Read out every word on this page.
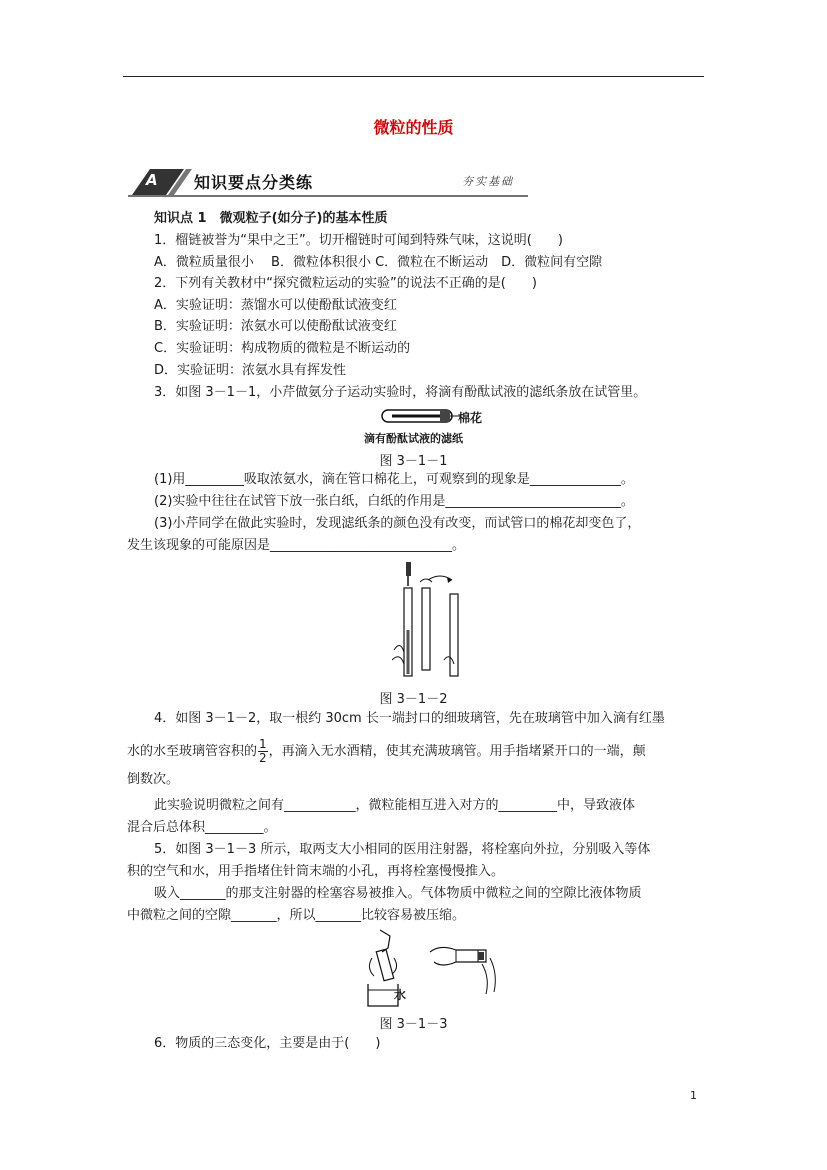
微粒的性质
A 知识要点分类练	夯实基础
知识点 1　微观粒子(如分子)的基本性质
1．榴链被誉为“果中之王”。切开榴链时可闻到特殊气味，这说明(　　)
A．微粒质量很小　 B．微粒体积很小 C．微粒在不断运动　D．微粒间有空隙
2．下列有关教材中“探究微粒运动的实验”的说法不正确的是(　　)
A．实验证明：蒸馏水可以使酚酞试液变红
B．实验证明：浓氨水可以使酚酞试液变红
C．实验证明：构成物质的微粒是不断运动的
D．实验证明：浓氨水具有挥发性
3．如图 3－1－1，小芹做氨分子运动实验时，将滴有酚酞试液的滤纸条放在试管里。
棉花
滴有酚酞试液的滤纸
图 3－1－1
(1)用_________吸取浓氨水，滴在管口棉花上，可观察到的现象是______________。
(2)实验中往往在试管下放一张白纸，白纸的作用是___________________________。
(3)小芹同学在做此实验时，发现滤纸条的颜色没有改变，而试管口的棉花却变色了，
发生该现象的可能原因是____________________________。
图 3－1－2
4．如图 3－1－2，取一根约 30cm 长一端封口的细玻璃管，先在玻璃管中加入滴有红墨
水的水至玻璃管容积的 $\frac{1}{2}$ ，再滴入无水酒精，使其充满玻璃管。用手指堵紧开口的一端，颠
倒数次。
此实验说明微粒之间有___________，微粒能相互进入对方的_________中，导致液体
混合后总体积_________。
5．如图 3－1－3 所示，取两支大小相同的医用注射器，将栓塞向外拉，分别吸入等体
积的空气和水，用手指堵住针筒末端的小孔，再将栓塞慢慢推入。
吸入_______的那支注射器的栓塞容易被推入。气体物质中微粒之间的空隙比液体物质
中微粒之间的空隙_______，所以_______比较容易被压缩。
水
图 3－1－3
6．物质的三态变化，主要是由于(　　)
1
